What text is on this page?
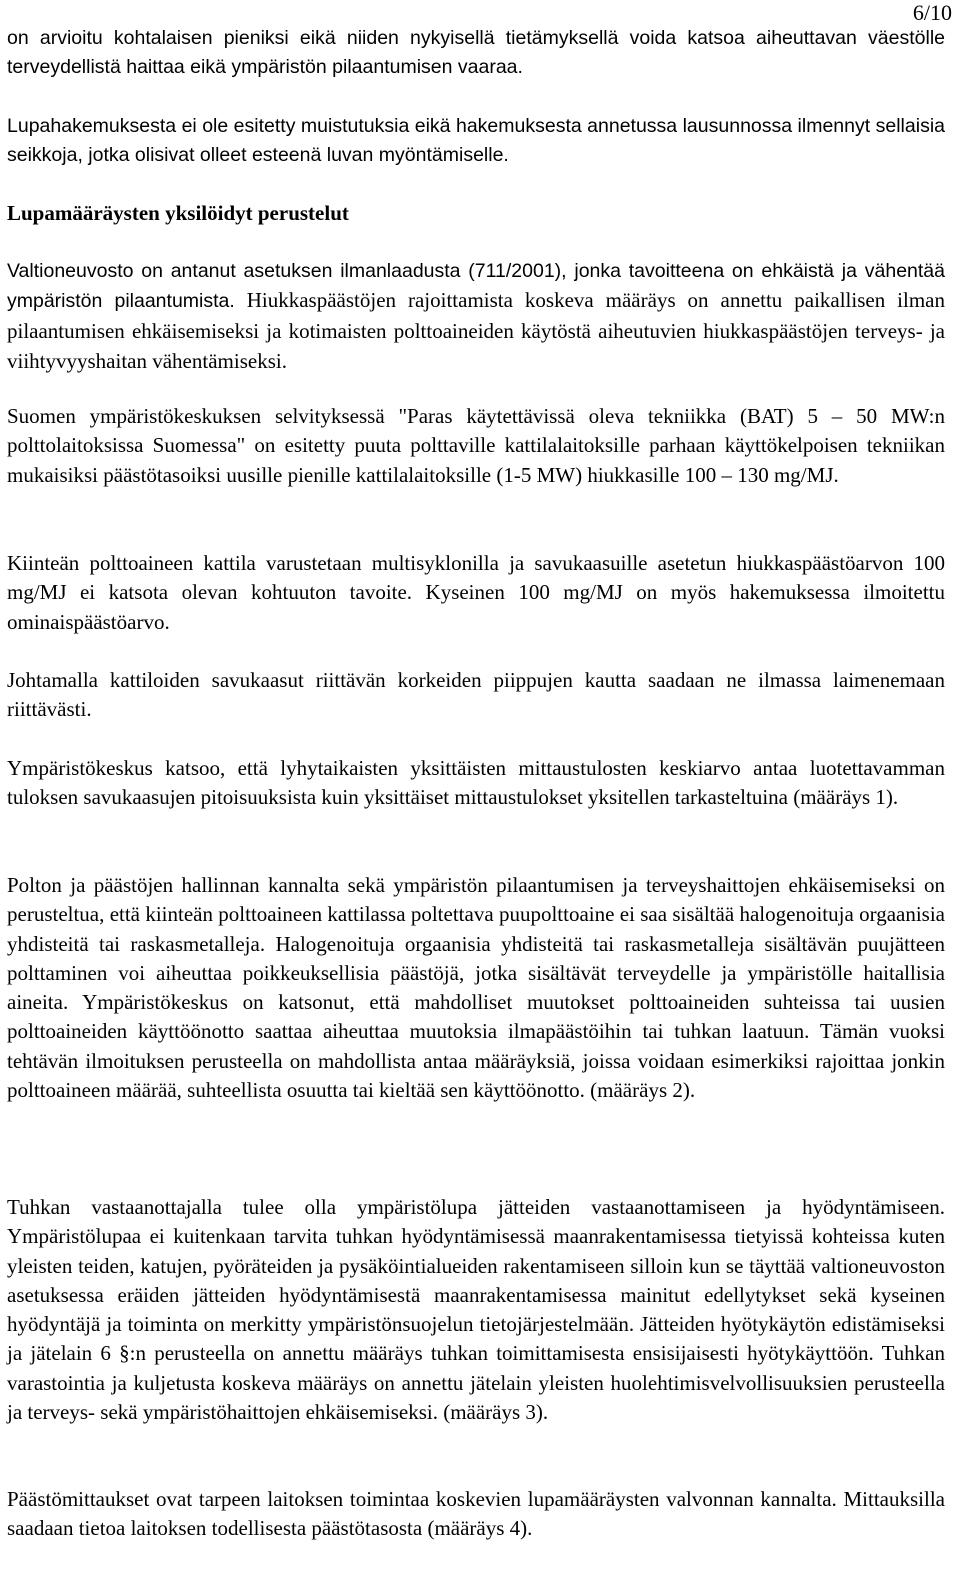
6/10

on arvioitu kohtalaisen pieniksi eikä niiden nykyisellä tietämyksellä voida katsoa aiheuttavan väestölle terveydellistä haittaa eikä ympäristön pilaantumisen vaaraa.

Lupahakemuksesta ei ole esitetty muistutuksia eikä hakemuksesta annetussa lausunnossa ilmennyt sellaisia seikkoja, jotka olisivat olleet esteenä luvan myöntämiselle.

Lupamääräysten yksilöidyt perustelut

Valtioneuvosto on antanut asetuksen ilmanlaadusta (711/2001), jonka tavoitteena on ehkäistä ja vähentää ympäristön pilaantumista. Hiukkaspäästöjen rajoittamista koskeva määräys on annettu paikallisen ilman pilaantumisen ehkäisemiseksi ja kotimaisten polttoaineiden käytöstä aiheutuvien hiukkaspäästöjen terveys- ja viihtyvyyshaitan vähentämiseksi.

Suomen ympäristökeskuksen selvityksessä "Paras käytettävissä oleva tekniikka (BAT) 5 – 50 MW:n polttolaitoksissa Suomessa" on esitetty puuta polttaville kattilalaitoksille parhaan käyttökelpoisen tekniikan mukaisiksi päästötasoiksi uusille pienille kattilalaitoksille (1-5 MW) hiukkasille 100 – 130 mg/MJ.

Kiinteän polttoaineen kattila varustetaan multisyklonilla ja savukaasuille asetetun hiukkaspäästöarvon 100 mg/MJ ei katsota olevan kohtuuton tavoite. Kyseinen 100 mg/MJ on myös hakemuksessa ilmoitettu ominaispäästöarvo.

Johtamalla kattiloiden savukaasut riittävän korkeiden piippujen kautta saadaan ne ilmassa laimenemaan riittävästi.

Ympäristökeskus katsoo, että lyhytaikaisten yksittäisten mittaustulosten keskiarvo antaa luotettavamman tuloksen savukaasujen pitoisuuksista kuin yksittäiset mittaustulokset yksitellen tarkasteltuina (määräys 1).

Polton ja päästöjen hallinnan kannalta sekä ympäristön pilaantumisen ja terveyshaittojen ehkäisemiseksi on perusteltua, että kiinteän polttoaineen kattilassa poltettava puupolttoaine ei saa sisältää halogenoituja orgaanisia yhdisteitä tai raskasmetalleja. Halogenoituja orgaanisia yhdisteitä tai raskasmetalleja sisältävän puujätteen polttaminen voi aiheuttaa poikkeuksellisia päästöjä, jotka sisältävät terveydelle ja ympäristölle haitallisia aineita. Ympäristökeskus on katsonut, että mahdolliset muutokset polttoaineiden suhteissa tai uusien polttoaineiden käyttöönotto saattaa aiheuttaa muutoksia ilmapäästöihin tai tuhkan laatuun. Tämän vuoksi tehtävän ilmoituksen perusteella on mahdollista antaa määräyksiä, joissa voidaan esimerkiksi rajoittaa jonkin polttoaineen määrää, suhteellista osuutta tai kieltää sen käyttöönotto. (määräys 2).

Tuhkan vastaanottajalla tulee olla ympäristölupa jätteiden vastaanottamiseen ja hyödyntämiseen. Ympäristölupaa ei kuitenkaan tarvita tuhkan hyödyntämisessä maanrakentamisessa tietyissä kohteissa kuten yleisten teiden, katujen, pyöräteiden ja pysäköintialueiden rakentamiseen silloin kun se täyttää valtioneuvoston asetuksessa eräiden jätteiden hyödyntämisestä maanrakentamisessa mainitut edellytykset sekä kyseinen hyödyntäjä ja toiminta on merkitty ympäristönsuojelun tietojärjestelmään. Jätteiden hyötykäytön edistämiseksi ja jätelain 6 §:n perusteella on annettu määräys tuhkan toimittamisesta ensisijaisesti hyötykäyttöön. Tuhkan varastointia ja kuljetusta koskeva määräys on annettu jätelain yleisten huolehtimisvelvollisuuksien perusteella ja terveys- sekä ympäristöhaittojen ehkäisemiseksi. (määräys 3).

Päästömittaukset ovat tarpeen laitoksen toimintaa koskevien lupamääräysten valvonnan kannalta. Mittauksilla saadaan tietoa laitoksen todellisesta päästötasosta (määräys 4).
